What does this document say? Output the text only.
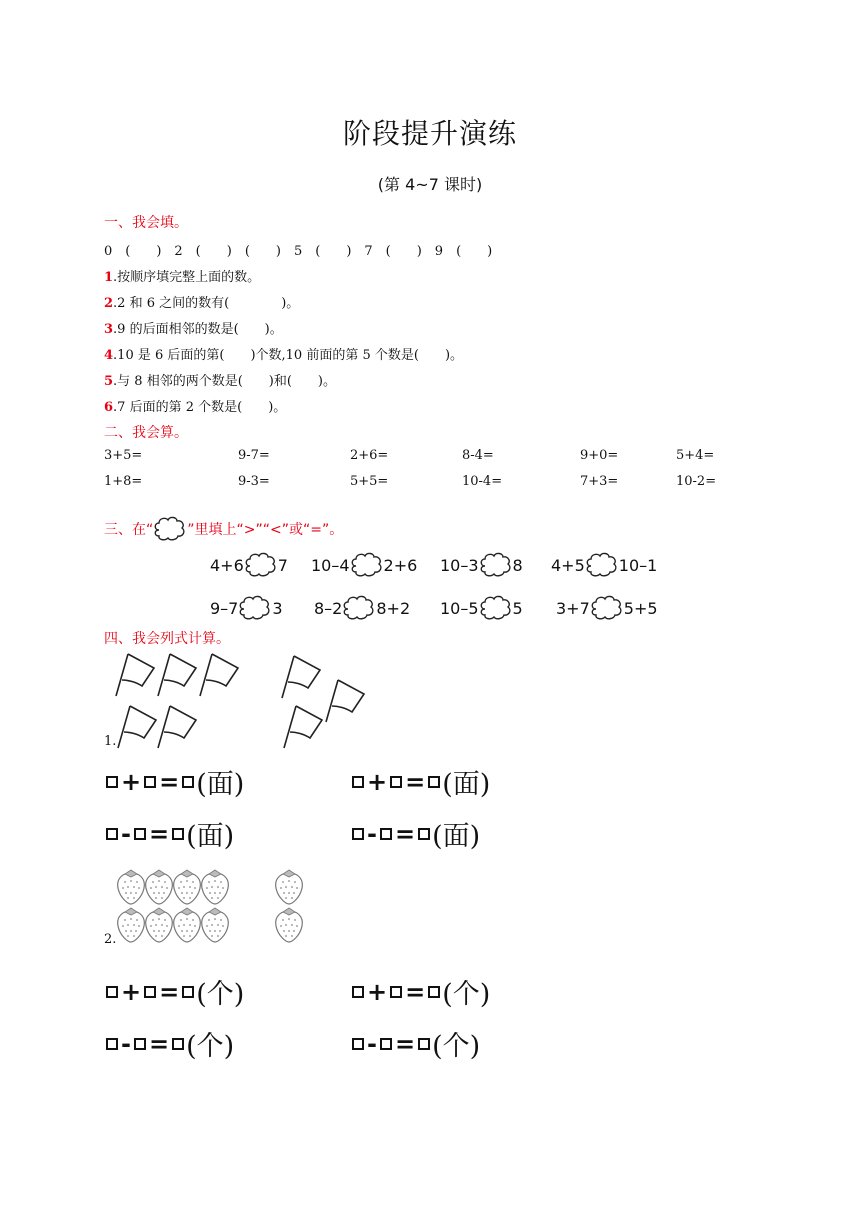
阶段提升演练
(第 4~7 课时)
一、我会填。
0　(　　)　2　(　　)　(　　)　5　(　　)　7　(　　)　9　(　　)
1.按顺序填完整上面的数。
2.2 和 6 之间的数有(　　　　)。
3.9 的后面相邻的数是(　　)。
4.10 是 6 后面的第(　　)个数,10 前面的第 5 个数是(　　)。
5.与 8 相邻的两个数是(　　)和(　　)。
6.7 后面的第 2 个数是(　　)。
二、我会算。
3+5=	9-7=	2+6=	8-4=	9+0=	5+4=
1+8=	9-3=	5+5=	10-4=	7+3=	10-2=
三、在“ ”里填上“>”“<”或“=”。
4+6 7 10–4 2+6 10–3 8 4+5 10–1
9–7 3 8–2 8+2 10–5 5 3+7 5+5
四、我会列式计算。
1.
+ = (面)	+ = (面)
- = (面)	- = (面)
2.
+ = (个)	+ = (个)
- = (个)	- = (个)
